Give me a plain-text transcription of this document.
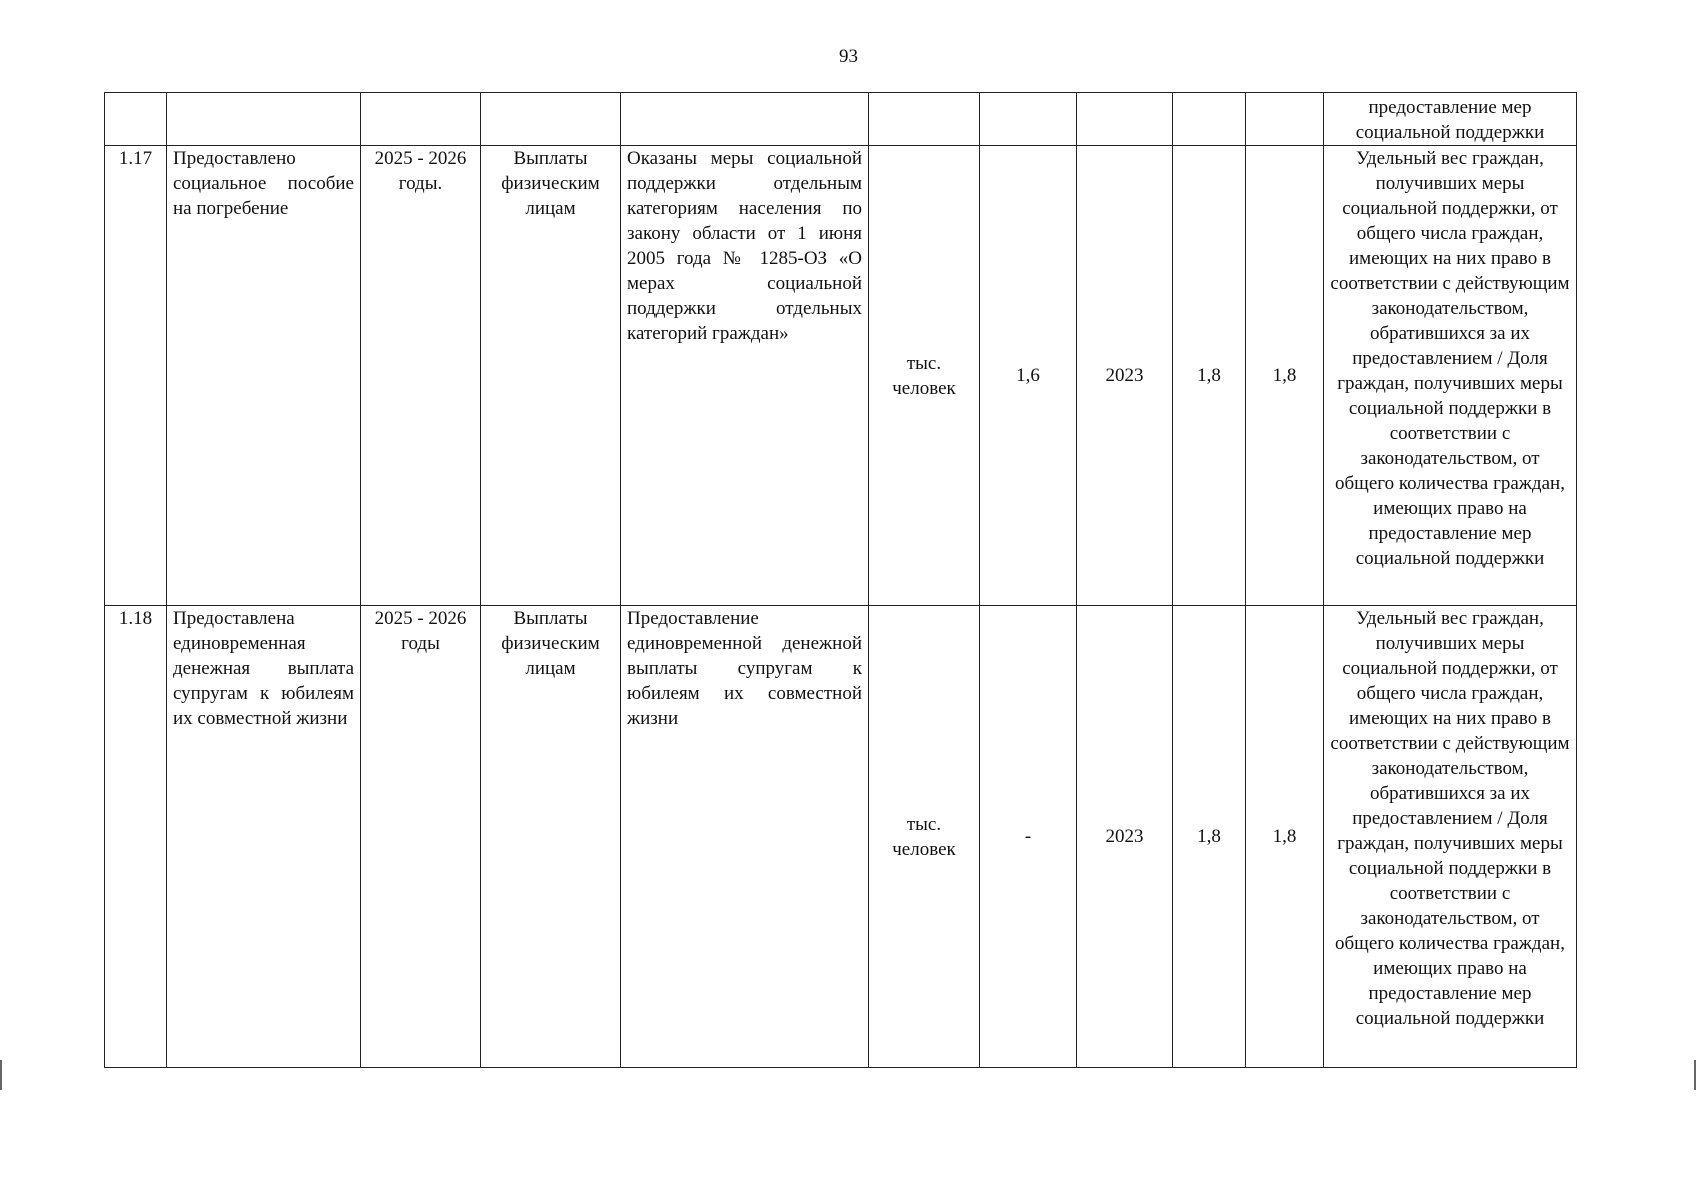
93
										предоставление мер социальной поддержки
1.17	Предоставлено социальное пособие на погребение	2025 - 2026 годы.	Выплаты физическим лицам	Оказаны меры социальной поддержки отдельным категориям населения по закону области от 1 июня 2005 года № 1285-ОЗ «О мерах социальной поддержки отдельных категорий граждан»	тыс. человек	1,6	2023	1,8	1,8	Удельный вес граждан, получивших меры социальной поддержки, от общего числа граждан, имеющих на них право в соответствии с действующим законодательством, обратившихся за их предоставлением / Доля граждан, получивших меры социальной поддержки в соответствии с законодательством, от общего количества граждан, имеющих право на предоставление мер социальной поддержки
1.18	Предоставлена единовременная денежная выплата супругам к юбилеям их совместной жизни	2025 - 2026 годы	Выплаты физическим лицам	Предоставление единовременной денежной выплаты супругам к юбилеям их совместной жизни	тыс. человек	-	2023	1,8	1,8	Удельный вес граждан, получивших меры социальной поддержки, от общего числа граждан, имеющих на них право в соответствии с действующим законодательством, обратившихся за их предоставлением / Доля граждан, получивших меры социальной поддержки в соответствии с законодательством, от общего количества граждан, имеющих право на предоставление мер социальной поддержки
